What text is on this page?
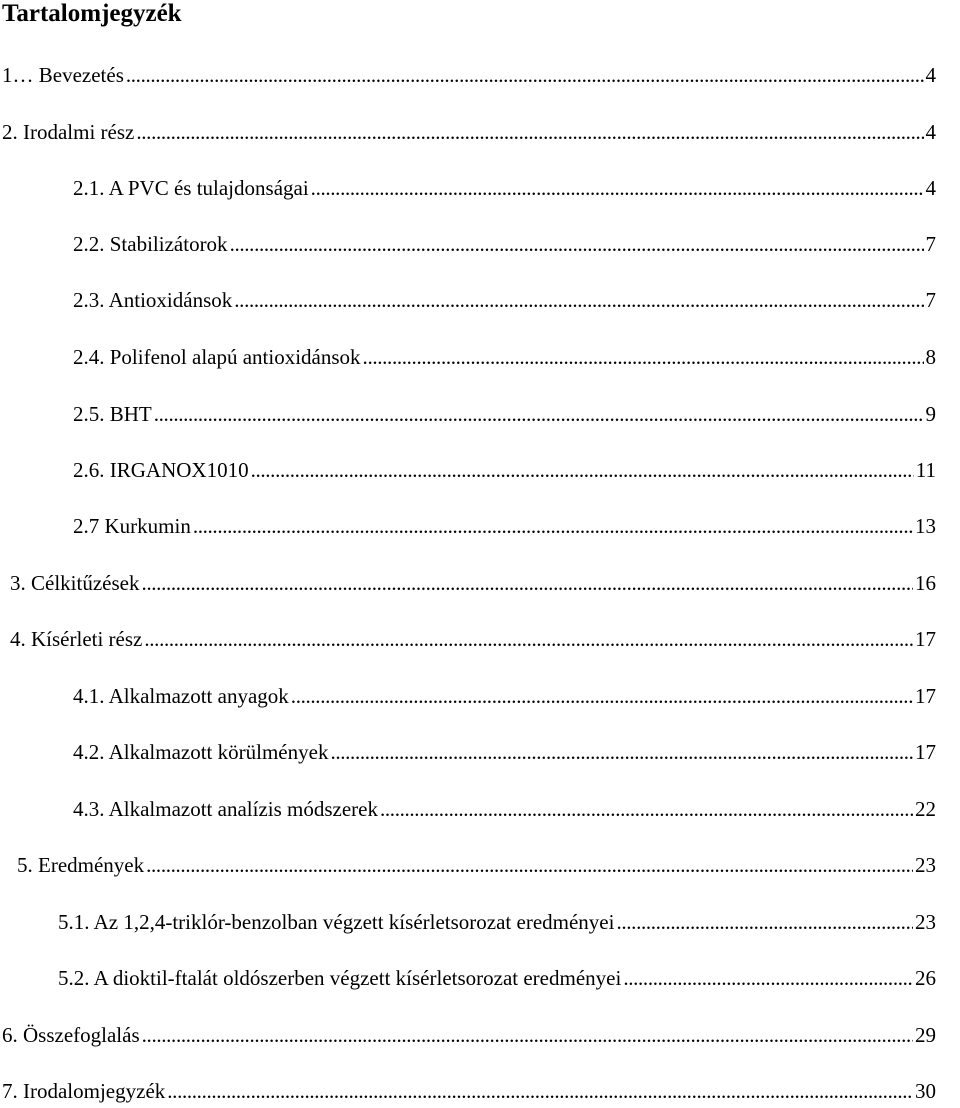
Tartalomjegyzék
1… Bevezetés . . .	4
2. Irodalmi rész . . .	4
2.1. A PVC és tulajdonságai . . .	4
2.2. Stabilizátorok . . .	7
2.3. Antioxidánsok . . .	7
2.4. Polifenol alapú antioxidánsok . . .	8
2.5. BHT . . .	9
2.6. IRGANOX1010 . . .	11
2.7 Kurkumin . . .	13
3. Célkitűzések . . .	16
4. Kísérleti rész . . .	17
4.1. Alkalmazott anyagok . . .	17
4.2. Alkalmazott körülmények . . .	17
4.3. Alkalmazott analízis módszerek . . .	22
5. Eredmények . . .	23
5.1. Az 1,2,4-triklór-benzolban végzett kísérletsorozat eredményei . . .	23
5.2. A dioktil-ftalát oldószerben végzett kísérletsorozat eredményei . . .	26
6. Összefoglalás . . .	29
7. Irodalomjegyzék . . .	30
